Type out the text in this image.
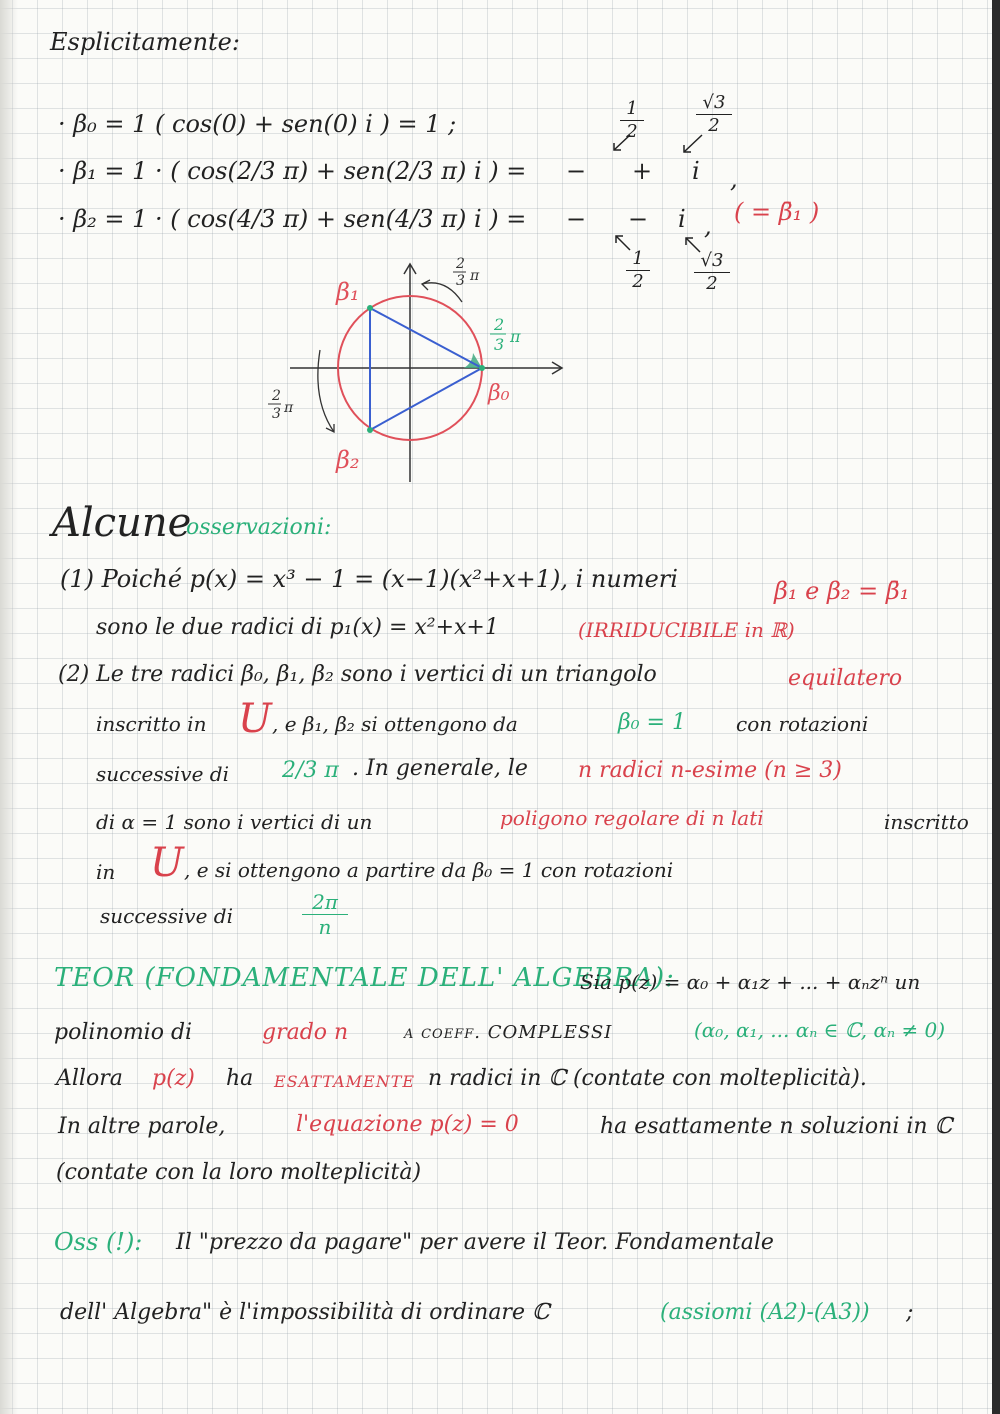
Esplicitamente:
· β₀ = 1 ( cos(0) + sen(0) i ) = 1 ;
· β₁ = 1 · ( cos(2/3 π) + sen(2/3 π) i ) =
· β₂ = 1 · ( cos(4/3 π) + sen(4/3 π) i ) =
− + i ,
− − i , ( = β̄₁ )
1
2
√3
2
1
2
√3
2
β₁
β₂
β₀
2
3 π
2
3 π
2
3 π
Alcune
osservazioni:
(1) Poiché p(x) = x³ − 1 = (x−1)(x²+x+1), i numeri	β₁ e β₂ = β̄₁
sono le due radici di p₁(x) = x²+x+1	(IRRIDUCIBILE in ℝ)
(2) Le tre radici β₀, β₁, β₂ sono i vertici di un triangolo	equilatero
inscritto in U , e β₁, β₂ si ottengono da	β₀ = 1	con rotazioni
successive di 2/3 π . In generale, le n radici n-esime (n ≥ 3)
di α = 1 sono i vertici di un	poligono regolare di n lati	inscritto
in U , e si ottengono a partire da β₀ = 1 con rotazioni
successive di
2π
n
TEOR (FONDAMENTALE DELL' ALGEBRA):
Sia p(z) = α₀ + α₁z + ... + αₙzⁿ un
polinomio di	grado n	a coeff. COMPLESSI	(α₀, α₁, ... αₙ ∈ ℂ, αₙ ≠ 0)
Allora p(z) ha ESATTAMENTE n radici in ℂ (contate con molteplicità).
In altre parole,	l'equazione p(z) = 0	ha esattamente n soluzioni in ℂ
(contate con la loro molteplicità)
Oss (!): Il "prezzo da pagare" per avere il Teor. Fondamentale
dell' Algebra" è l'impossibilità di ordinare ℂ	(assiomi (A2)-(A3)) ;
